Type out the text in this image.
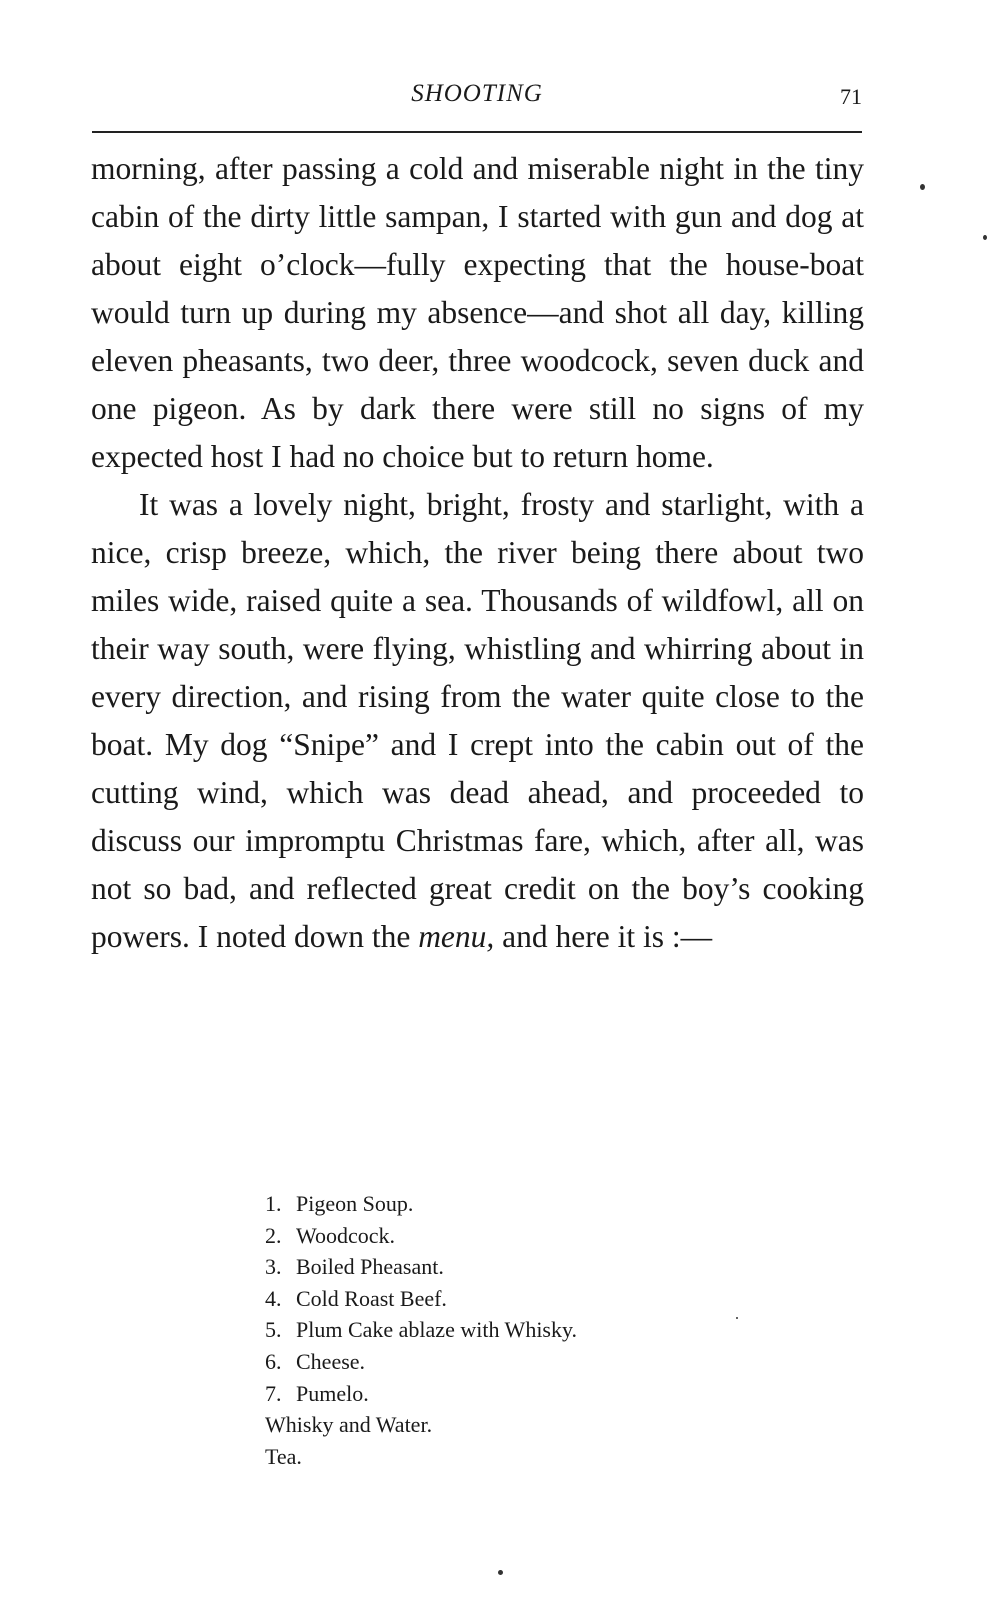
SHOOTING	71

morning, after passing a cold and miserable night in the tiny cabin of the dirty little sampan, I started with gun and dog at about eight o’clock—fully expecting that the house-boat would turn up during my absence—and shot all day, killing eleven pheasants, two deer, three woodcock, seven duck and one pigeon. As by dark there were still no signs of my expected host I had no choice but to return home.

It was a lovely night, bright, frosty and starlight, with a nice, crisp breeze, which, the river being there about two miles wide, raised quite a sea. Thousands of wildfowl, all on their way south, were flying, whistling and whirring about in every direction, and rising from the water quite close to the boat. My dog “Snipe” and I crept into the cabin out of the cutting wind, which was dead ahead, and proceeded to discuss our impromptu Christmas fare, which, after all, was not so bad, and reflected great credit on the boy’s cooking powers. I noted down the menu, and here it is :—

1. Pigeon Soup.
2. Woodcock.
3. Boiled Pheasant.
4. Cold Roast Beef.
5. Plum Cake ablaze with Whisky.
6. Cheese.
7. Pumelo.
Whisky and Water.
Tea.
